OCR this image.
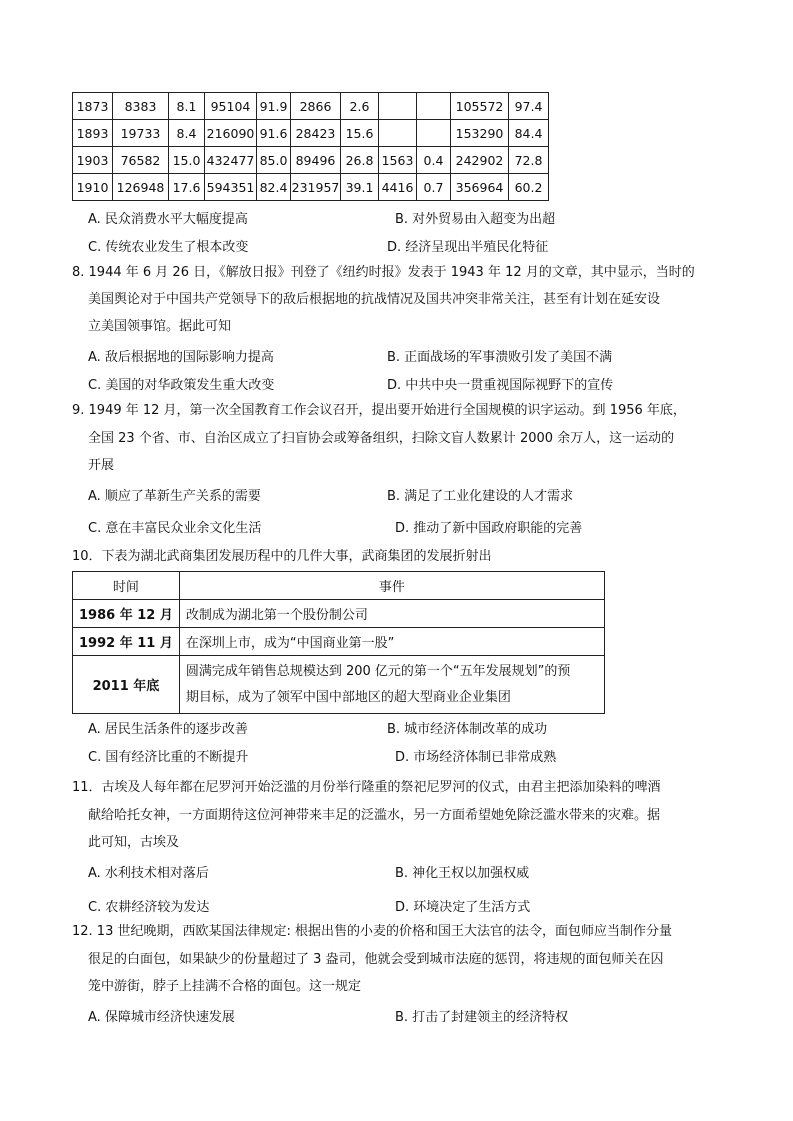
1873	8383	8.1	95104	91.9	2866	2.6			105572	97.4
1893	19733	8.4	216090	91.6	28423	15.6			153290	84.4
1903	76582	15.0	432477	85.0	89496	26.8	1563	0.4	242902	72.8
1910	126948	17.6	594351	82.4	231957	39.1	4416	0.7	356964	60.2
A. 民众消费水平大幅度提高	B. 对外贸易由入超变为出超
C. 传统农业发生了根本改变	D. 经济呈现出半殖民化特征
8. 1944 年 6 月 26 日，《解放日报》刊登了《纽约时报》发表于 1943 年 12 月的文章，其中显示，当时的
美国舆论对于中国共产党领导下的敌后根据地的抗战情况及国共冲突非常关注，甚至有计划在延安设
立美国领事馆。据此可知
A. 敌后根据地的国际影响力提高	B. 正面战场的军事溃败引发了美国不满
C. 美国的对华政策发生重大改变	D. 中共中央一贯重视国际视野下的宣传
9. 1949 年 12 月，第一次全国教育工作会议召开，提出要开始进行全国规模的识字运动。到 1956 年底，
全国 23 个省、市、自治区成立了扫盲协会或筹备组织，扫除文盲人数累计 2000 余万人，这一运动的
开展
A. 顺应了革新生产关系的需要	B. 满足了工业化建设的人才需求
C. 意在丰富民众业余文化生活	D. 推动了新中国政府职能的完善
10．下表为湖北武商集团发展历程中的几件大事，武商集团的发展折射出
时间	事件
1986 年 12 月	改制成为湖北第一个股份制公司
1992 年 11 月	在深圳上市，成为“中国商业第一股”
2011 年底	圆满完成年销售总规模达到 200 亿元的第一个“五年发展规划”的预
期目标，成为了领军中国中部地区的超大型商业企业集团
A. 居民生活条件的逐步改善	B. 城市经济体制改革的成功
C. 国有经济比重的不断提升	D. 市场经济体制已非常成熟
11．古埃及人每年都在尼罗河开始泛滥的月份举行隆重的祭祀尼罗河的仪式，由君主把添加染料的啤酒
献给哈托女神，一方面期待这位河神带来丰足的泛滥水，另一方面希望她免除泛滥水带来的灾难。据
此可知，古埃及
A. 水利技术相对落后	B. 神化王权以加强权威
C. 农耕经济较为发达	D. 环境决定了生活方式
12. 13 世纪晚期，西欧某国法律规定: 根据出售的小麦的价格和国王大法官的法令，面包师应当制作分量
很足的白面包，如果缺少的份量超过了 3 盎司，他就会受到城市法庭的惩罚，将违规的面包师关在囚
笼中游街，脖子上挂满不合格的面包。这一规定
A. 保障城市经济快速发展	B. 打击了封建领主的经济特权
